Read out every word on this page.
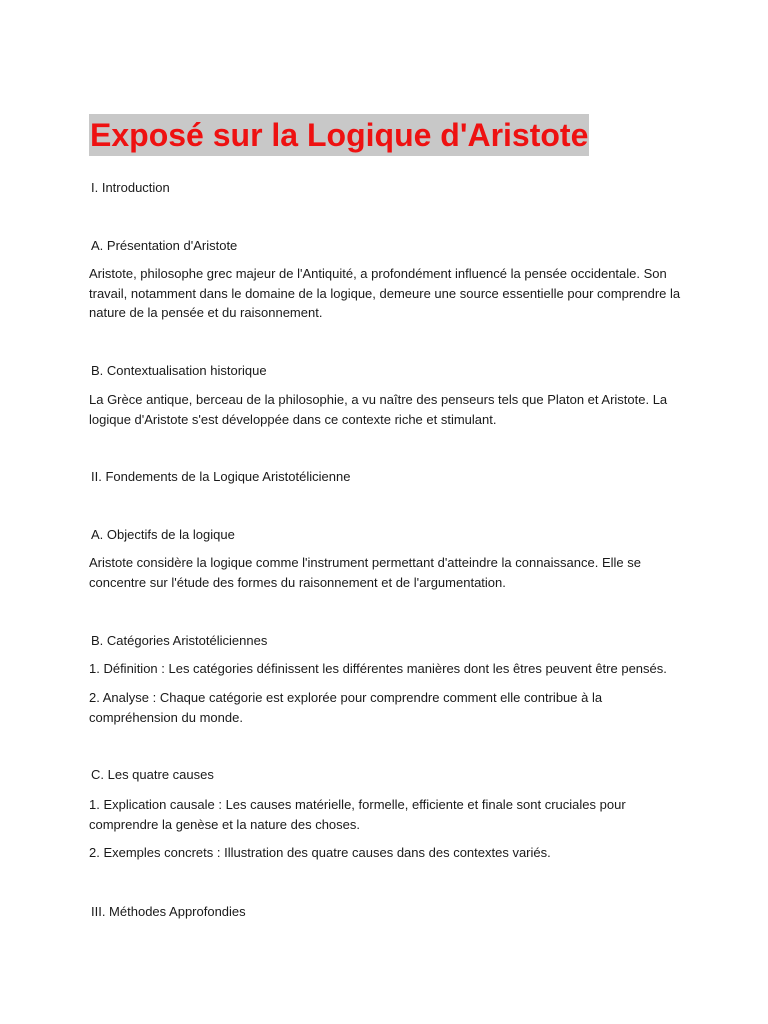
Exposé sur la Logique d'Aristote

I. Introduction

A. Présentation d'Aristote

Aristote, philosophe grec majeur de l'Antiquité, a profondément influencé la pensée occidentale. Son travail, notamment dans le domaine de la logique, demeure une source essentielle pour comprendre la nature de la pensée et du raisonnement.

B. Contextualisation historique

La Grèce antique, berceau de la philosophie, a vu naître des penseurs tels que Platon et Aristote. La logique d'Aristote s'est développée dans ce contexte riche et stimulant.

II. Fondements de la Logique Aristotélicienne

A. Objectifs de la logique

Aristote considère la logique comme l'instrument permettant d'atteindre la connaissance. Elle se concentre sur l'étude des formes du raisonnement et de l'argumentation.

B. Catégories Aristotéliciennes

1. Définition : Les catégories définissent les différentes manières dont les êtres peuvent être pensés.

2. Analyse : Chaque catégorie est explorée pour comprendre comment elle contribue à la compréhension du monde.

C. Les quatre causes

1. Explication causale : Les causes matérielle, formelle, efficiente et finale sont cruciales pour comprendre la genèse et la nature des choses.

2. Exemples concrets : Illustration des quatre causes dans des contextes variés.

III. Méthodes Approfondies
